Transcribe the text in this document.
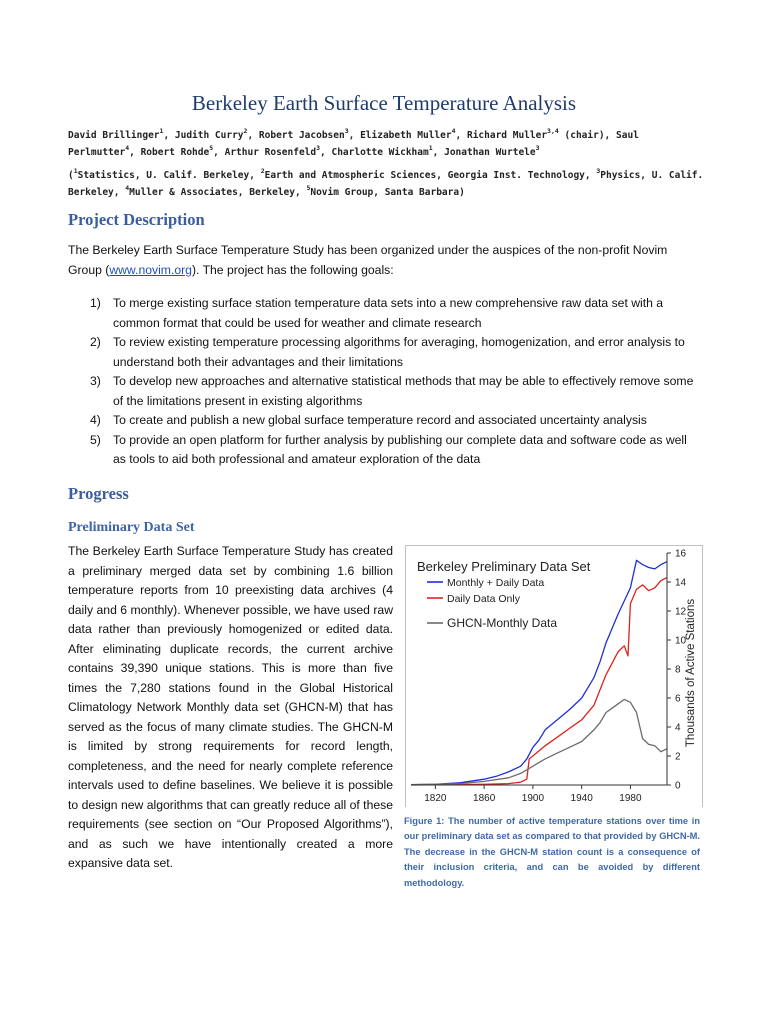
Berkeley Earth Surface Temperature Analysis
David Brillinger$^1$, Judith Curry$^2$, Robert Jacobsen$^3$, Elizabeth Muller$^4$, Richard Muller$^{3,4}$ (chair), Saul Perlmutter$^4$, Robert Rohde$^5$, Arthur Rosenfeld$^3$, Charlotte Wickham$^1$, Jonathan Wurtele$^3$
($^1$Statistics, U. Calif. Berkeley, $^2$Earth and Atmospheric Sciences, Georgia Inst. Technology, $^3$Physics, U. Calif. Berkeley, $^4$Muller & Associates, Berkeley, $^5$Novim Group, Santa Barbara)
Project Description
The Berkeley Earth Surface Temperature Study has been organized under the auspices of the non-profit Novim Group (www.novim.org). The project has the following goals:
1) To merge existing surface station temperature data sets into a new comprehensive raw data set with a common format that could be used for weather and climate research
2) To review existing temperature processing algorithms for averaging, homogenization, and error analysis to understand both their advantages and their limitations
3) To develop new approaches and alternative statistical methods that may be able to effectively remove some of the limitations present in existing algorithms
4) To create and publish a new global surface temperature record and associated uncertainty analysis
5) To provide an open platform for further analysis by publishing our complete data and software code as well as tools to aid both professional and amateur exploration of the data
Progress
Preliminary Data Set
The Berkeley Earth Surface Temperature Study has created a preliminary merged data set by combining 1.6 billion temperature reports from 10 preexisting data archives (4 daily and 6 monthly). Whenever possible, we have used raw data rather than previously homogenized or edited data. After eliminating duplicate records, the current archive contains 39,390 unique stations. This is more than five times the 7,280 stations found in the Global Historical Climatology Network Monthly data set (GHCN-M) that has served as the focus of many climate studies. The GHCN-M is limited by strong requirements for record length, completeness, and the need for nearly complete reference intervals used to define baselines. We believe it is possible to design new algorithms that can greatly reduce all of these requirements (see section on “Our Proposed Algorithms”), and as such we have intentionally created a more expansive data set.
1820	1860	1900	1940	1980
0
2
4
6
8
10
12
14
16
Berkeley Preliminary Data Set
Monthly + Daily Data
Daily Data Only
GHCN-Monthly Data	Thousands of Active Stations
Figure 1: The number of active temperature stations over time in our preliminary data set as compared to that provided by GHCN-M. The decrease in the GHCN-M station count is a consequence of their inclusion criteria, and can be avoided by different methodology.
